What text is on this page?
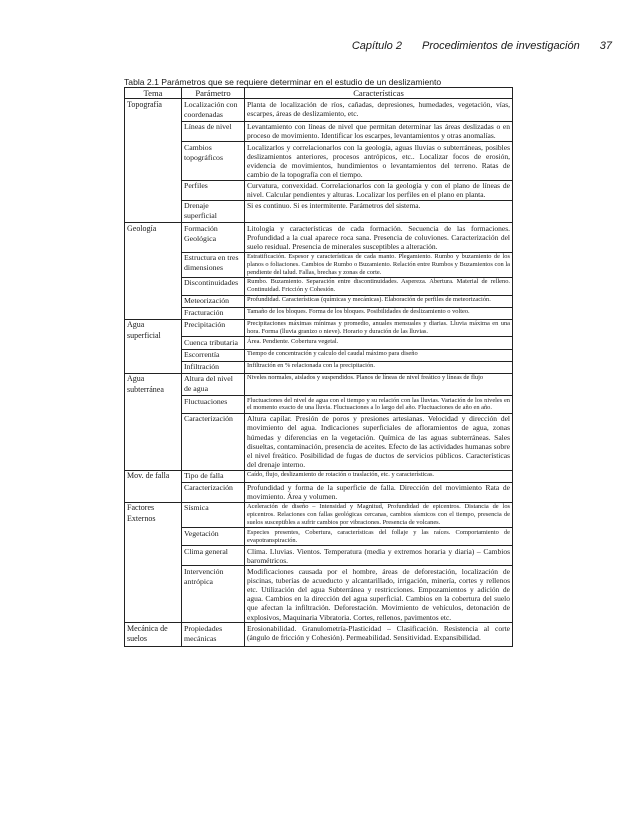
Capítulo 2 Procedimientos de investigación 37
Tabla 2.1 Parámetros que se requiere determinar en el estudio de un deslizamiento
Tema	Parámetro	Características
Topografía	Localización con coordenadas	Planta de localización de ríos, cañadas, depresiones, humedades, vegetación, vías, escarpes, áreas de deslizamiento, etc.
	Líneas de nivel	Levantamiento con líneas de nivel que permitan determinar las áreas deslizadas o en proceso de movimiento. Identificar los escarpes, levantamientos y otras anomalías.
	Cambios topográficos	Localizarlos y correlacionarlos con la geología, aguas lluvias o subterráneas, posibles deslizamientos anteriores, procesos antrópicos, etc.. Localizar focos de erosión, evidencia de movimientos, hundimientos o levantamientos del terreno. Ratas de cambio de la topografía con el tiempo.
	Perfiles	Curvatura, convexidad. Correlacionarlos con la geología y con el plano de líneas de nivel. Calcular pendientes y alturas. Localizar los perfiles en el plano en planta.
	Drenaje superficial	Si es continuo. Si es intermitente. Parámetros del sistema.
Geología	Formación Geológica	Litología y características de cada formación. Secuencia de las formaciones. Profundidad a la cual aparece roca sana. Presencia de coluviones. Caracterización del suelo residual. Presencia de minerales susceptibles a alteración.
	Estructura en tres dimensiones	Estratificación. Espesor y características de cada manto. Plegamiento. Rumbo y buzamiento de los planos o foliaciones. Cambios de Rumbo o Buzamiento. Relación entre Rumbos y Buzamientos con la pendiente del talud. Fallas, brechas y zonas de corte.
	Discontinuidades	Rumbo. Buzamiento. Separación entre discontinuidades. Aspereza. Abertura. Material de relleno. Continuidad. Fricción y Cohesión.
	Meteorización	Profundidad. Características (químicas y mecánicas). Elaboración de perfiles de meteorización.
	Fracturación	Tamaño de los bloques. Forma de los bloques. Posibilidades de deslizamiento o volteo.
Agua superficial	Precipitación	Precipitaciones máximas mínimas y promedio, anuales mensuales y diarias. Lluvia máxima en una hora. Forma (lluvia granizo o nieve). Horario y duración de las lluvias.
	Cuenca tributaria	Área. Pendiente. Cobertura vegetal.
	Escorrentía	Tiempo de concentración y calculo del caudal máximo para diseño
	Infiltración	Infiltración en % relacionada con la precipitación.
Agua subterránea	Altura del nivel de agua	Niveles normales, aislados y suspendidos. Planos de líneas de nivel freático y líneas de flujo
	Fluctuaciones	Fluctuaciones del nivel de agua con el tiempo y su relación con las lluvias. Variación de los niveles en el momento exacto de una lluvia. Fluctuaciones a lo largo del año. Fluctuaciones de año en año.
	Caracterización	Altura capilar. Presión de poros y presiones artesianas. Velocidad y dirección del movimiento del agua. Indicaciones superficiales de afloramientos de agua, zonas húmedas y diferencias en la vegetación. Química de las aguas subterráneas. Sales disueltas, contaminación, presencia de aceites. Efecto de las actividades humanas sobre el nivel freático. Posibilidad de fugas de ductos de servicios públicos. Características del drenaje interno.
Mov. de falla	Tipo de falla	Caído, flujo, deslizamiento de rotación o traslación, etc. y características.
	Caracterización	Profundidad y forma de la superficie de falla. Dirección del movimiento Rata de movimiento. Área y volumen.
Factores Externos	Sísmica	Aceleración de diseño – Intensidad y Magnitud, Profundidad de epicentros. Distancia de los epicentros. Relaciones con fallas geológicas cercanas, cambios sísmicos con el tiempo, presencia de suelos susceptibles a sufrir cambios por vibraciones. Presencia de volcanes.
	Vegetación	Especies presentes, Cobertura, características del follaje y las raíces. Comportamiento de evapotranspiración.
	Clima general	Clima. Lluvias. Vientos. Temperatura (media y extremos horaria y diaria) – Cambios barométricos.
	Intervención antrópica	Modificaciones causada por el hombre, áreas de deforestación, localización de piscinas, tuberías de acueducto y alcantarillado, irrigación, minería, cortes y rellenos etc. Utilización del agua Subterránea y restricciones. Empozamientos y adición de agua. Cambios en la dirección del agua superficial. Cambios en la cobertura del suelo que afectan la infiltración. Deforestación. Movimiento de vehículos, detonación de explosivos, Maquinaria Vibratoria. Cortes, rellenos, pavimentos etc.
Mecánica de suelos	Propiedades mecánicas	Erosionabilidad. Granulometría-Plasticidad – Clasificación. Resistencia al corte (ángulo de fricción y Cohesión). Permeabilidad. Sensitividad. Expansibilidad.
